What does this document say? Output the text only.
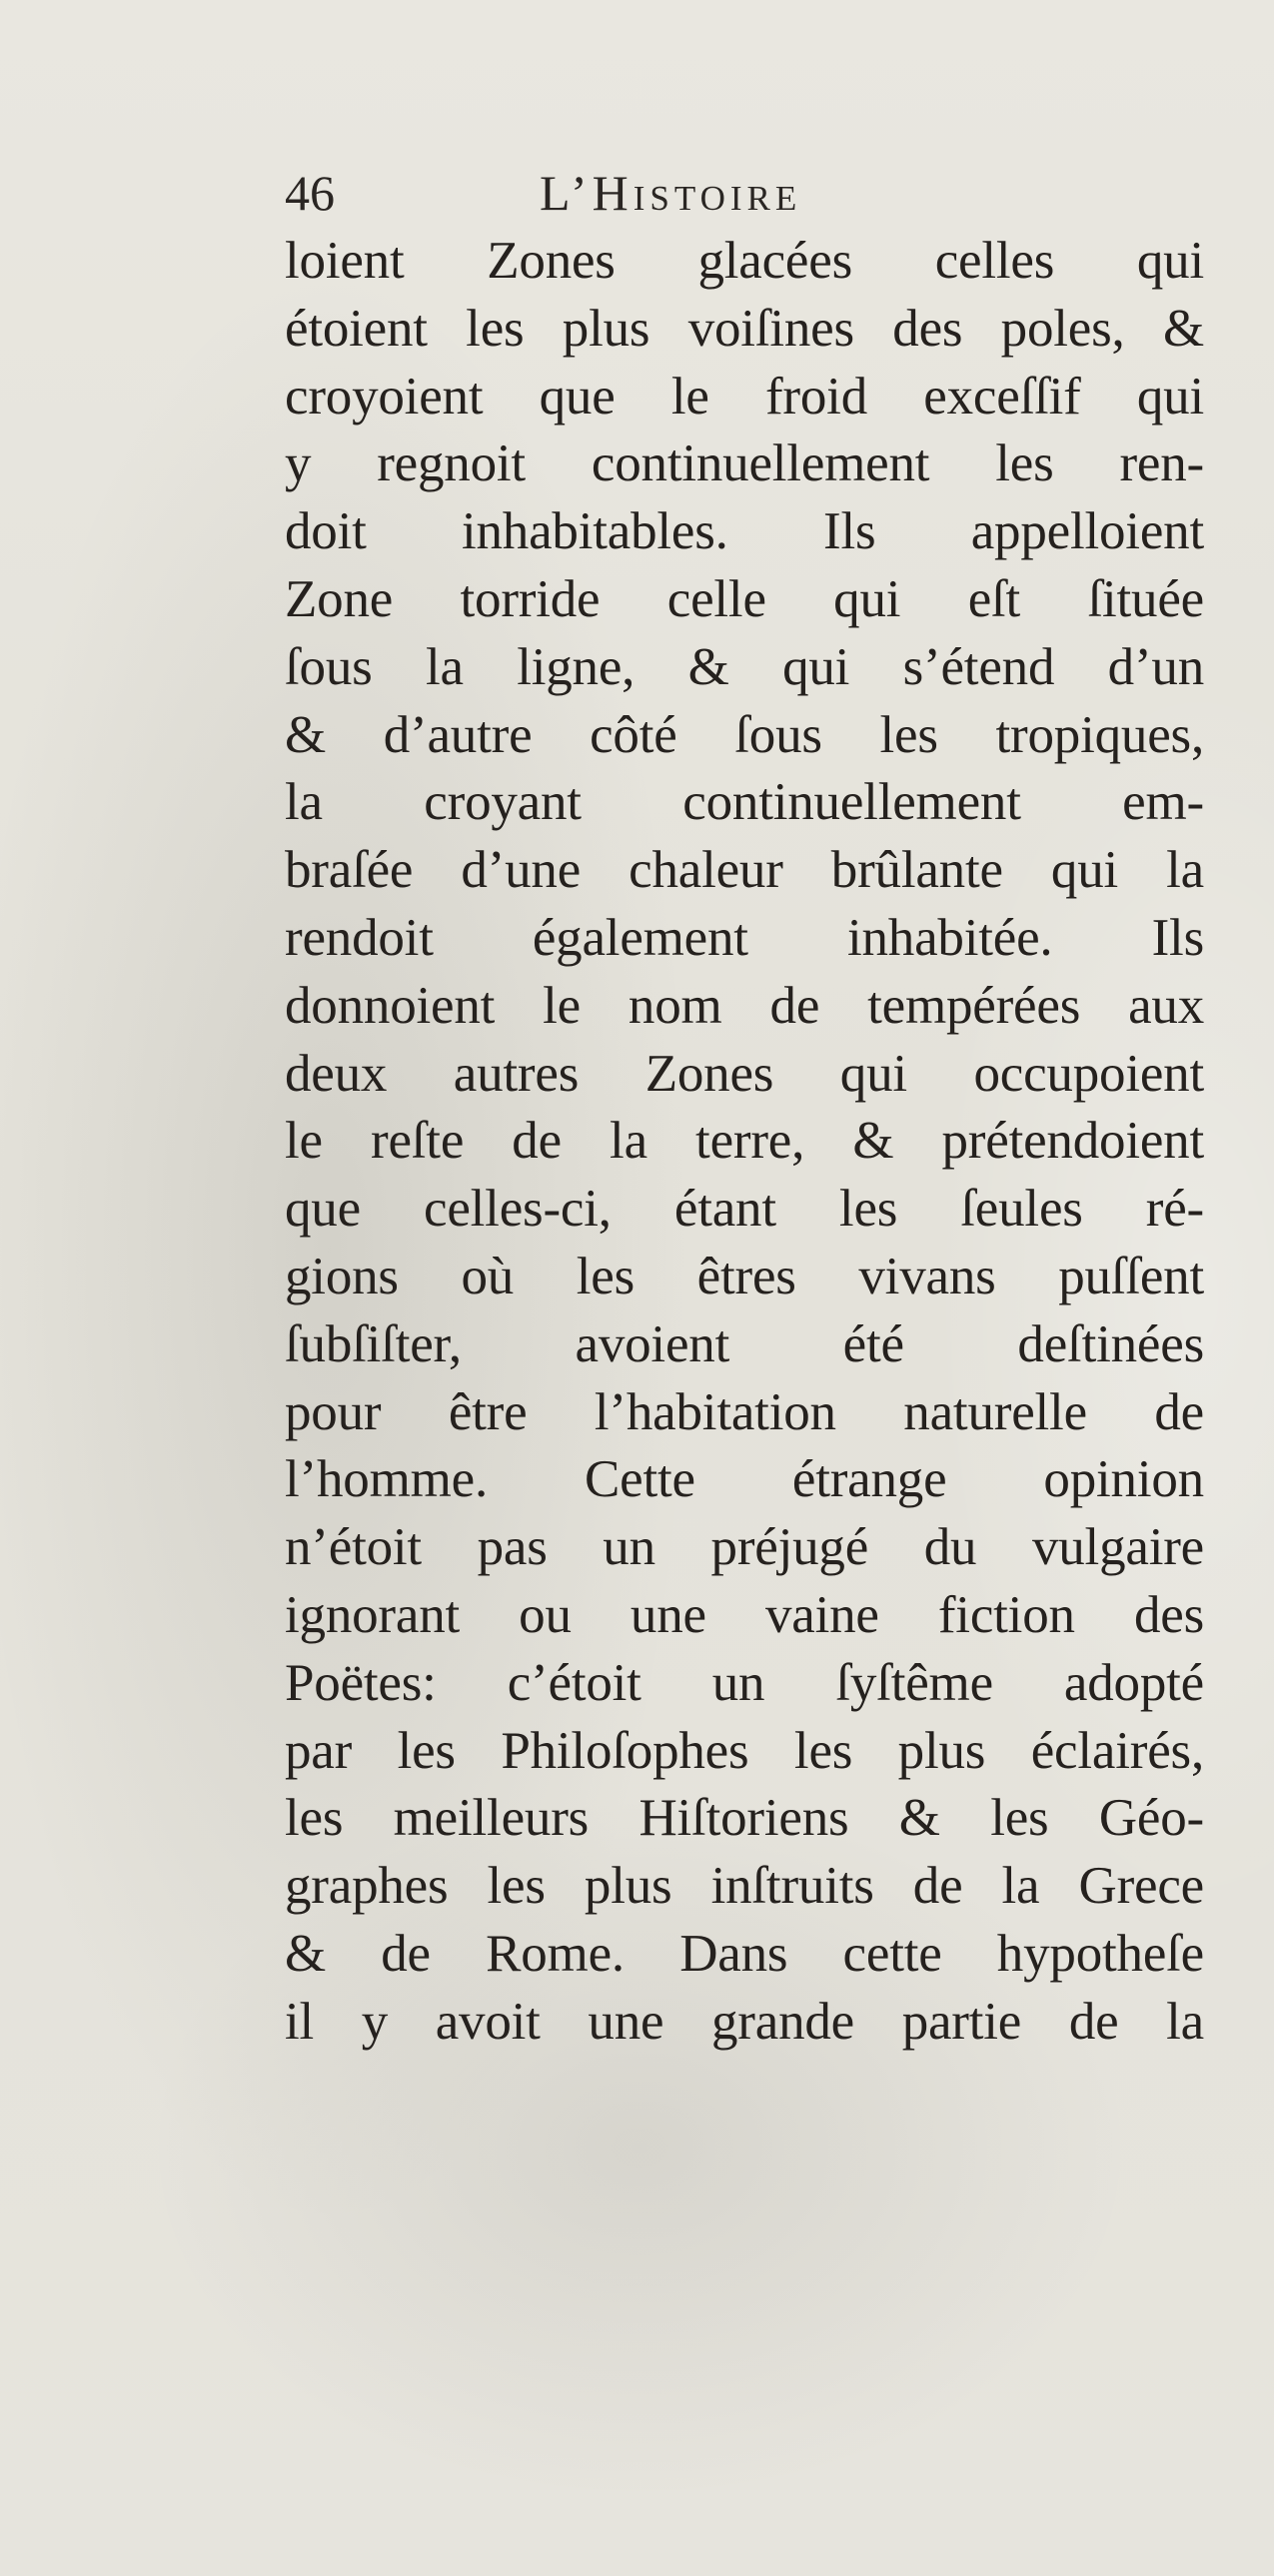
46	L’Histoire
loient Zones glacées celles qui
étoient les plus voiſines des poles, &
croyoient que le froid exceſſif qui
y regnoit continuellement les ren-
doit inhabitables. Ils appelloient
Zone torride celle qui eſt ſituée
ſous la ligne, & qui s’étend d’un
& d’autre côté ſous les tropiques,
la croyant continuellement em-
braſée d’une chaleur brûlante qui la
rendoit également inhabitée. Ils
donnoient le nom de tempérées aux
deux autres Zones qui occupoient
le reſte de la terre, & prétendoient
que celles-ci, étant les ſeules ré-
gions où les êtres vivans puſſent
ſubſiſter, avoient été deſtinées
pour être l’habitation naturelle de
l’homme. Cette étrange opinion
n’étoit pas un préjugé du vulgaire
ignorant ou une vaine fiction des
Poëtes: c’étoit un ſyſtême adopté
par les Philoſophes les plus éclairés,
les meilleurs Hiſtoriens & les Géo-
graphes les plus inſtruits de la Grece
& de Rome. Dans cette hypotheſe
il y avoit une grande partie de la
